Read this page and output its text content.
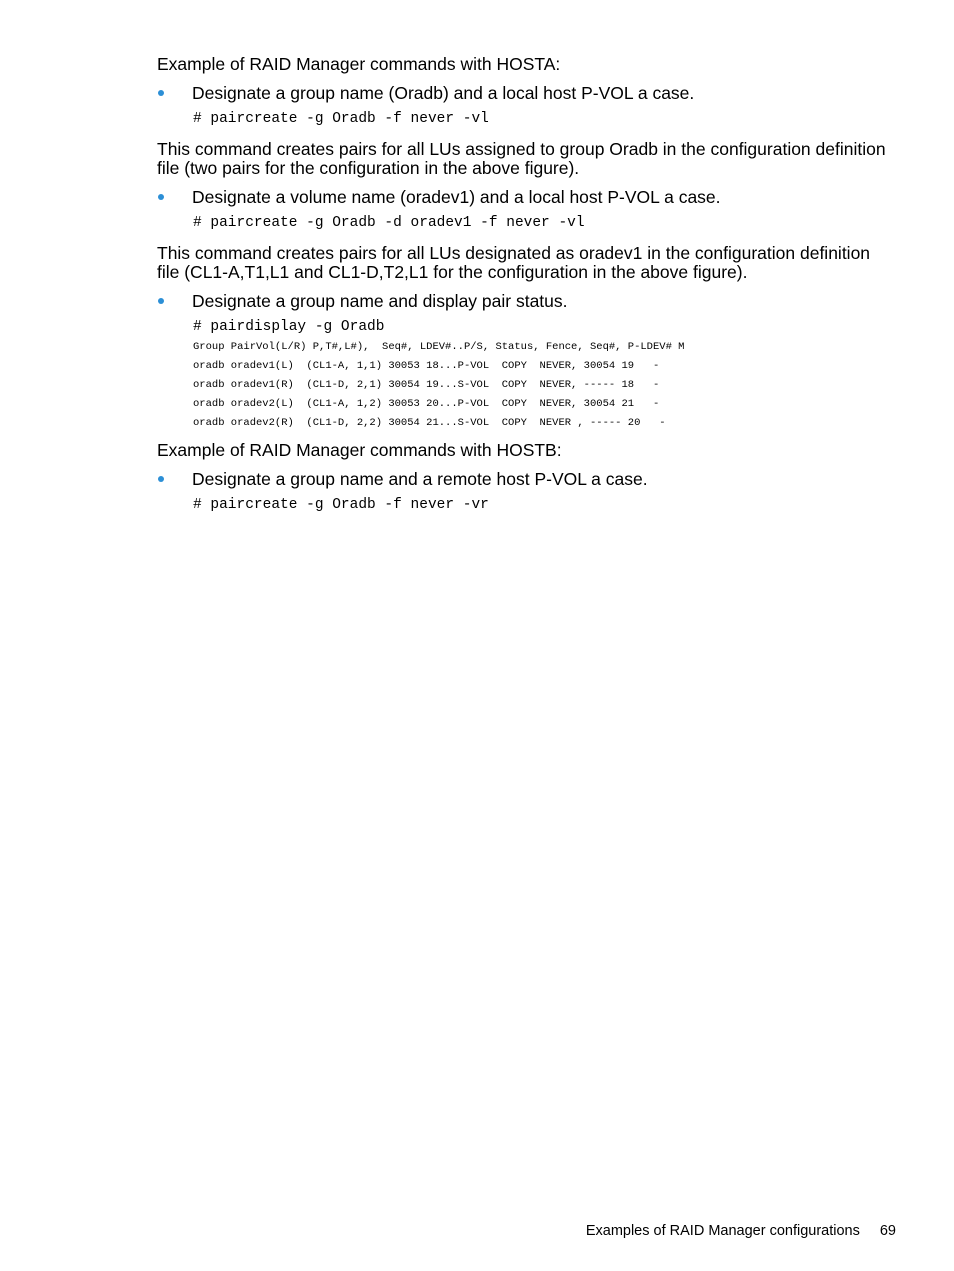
Example of RAID Manager commands with HOSTA:

Designate a group name (Oradb) and a local host P-VOL a case.
# paircreate -g Oradb -f never -vl

This command creates pairs for all LUs assigned to group Oradb in the configuration definition file (two pairs for the configuration in the above figure).

Designate a volume name (oradev1) and a local host P-VOL a case.
# paircreate -g Oradb -d oradev1 -f never -vl

This command creates pairs for all LUs designated as oradev1 in the configuration definition file (CL1-A,T1,L1 and CL1-D,T2,L1 for the configuration in the above figure).

Designate a group name and display pair status.
# pairdisplay -g Oradb
Group PairVol(L/R) P,T#,L#),  Seq#, LDEV#..P/S, Status, Fence, Seq#, P-LDEV# M
oradb oradev1(L)  (CL1-A, 1,1) 30053 18...P-VOL  COPY  NEVER, 30054 19   -
oradb oradev1(R)  (CL1-D, 2,1) 30054 19...S-VOL  COPY  NEVER, ----- 18   -
oradb oradev2(L)  (CL1-A, 1,2) 30053 20...P-VOL  COPY  NEVER, 30054 21   -
oradb oradev2(R)  (CL1-D, 2,2) 30054 21...S-VOL  COPY  NEVER , ----- 20   -

Example of RAID Manager commands with HOSTB:

Designate a group name and a remote host P-VOL a case.
# paircreate -g Oradb -f never -vr
Examples of RAID Manager configurations 69
